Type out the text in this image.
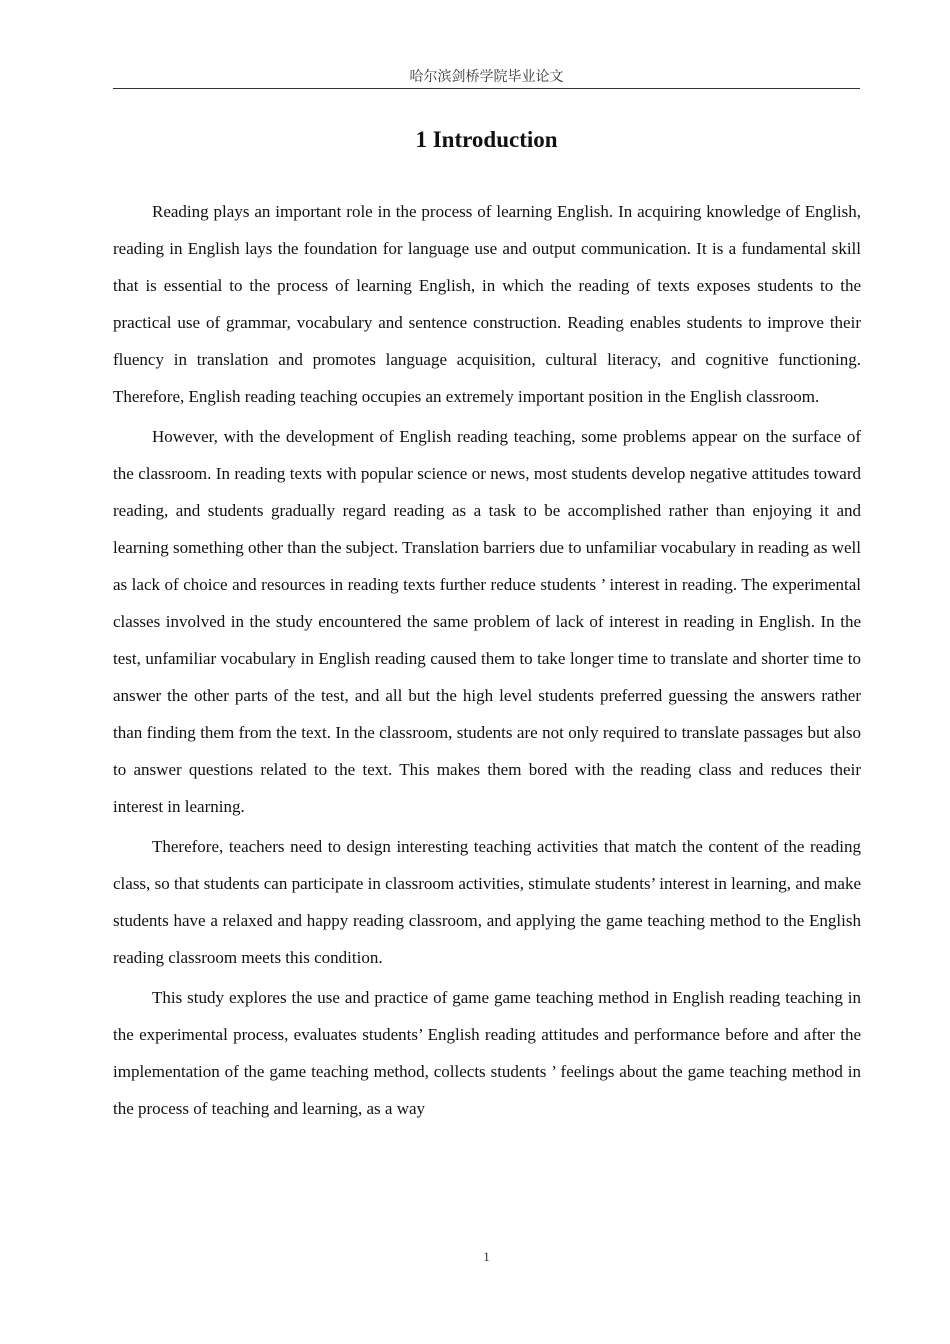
哈尔滨剑桥学院毕业论文
1 Introduction

Reading plays an important role in the process of learning English. In acquiring knowledge of English, reading in English lays the foundation for language use and output communication. It is a fundamental skill that is essential to the process of learning English, in which the reading of texts exposes students to the practical use of grammar, vocabulary and sentence construction. Reading enables students to improve their fluency in translation and promotes language acquisition, cultural literacy, and cognitive functioning. Therefore, English reading teaching occupies an extremely important position in the English classroom.

However, with the development of English reading teaching, some problems appear on the surface of the classroom. In reading texts with popular science or news, most students develop negative attitudes toward reading, and students gradually regard reading as a task to be accomplished rather than enjoying it and learning something other than the subject. Translation barriers due to unfamiliar vocabulary in reading as well as lack of choice and resources in reading texts further reduce students ’ interest in reading. The experimental classes involved in the study encountered the same problem of lack of interest in reading in English. In the test, unfamiliar vocabulary in English reading caused them to take longer time to translate and shorter time to answer the other parts of the test, and all but the high level students preferred guessing the answers rather than finding them from the text. In the classroom, students are not only required to translate passages but also to answer questions related to the text. This makes them bored with the reading class and reduces their interest in learning.

Therefore, teachers need to design interesting teaching activities that match the content of the reading class, so that students can participate in classroom activities, stimulate students’ interest in learning, and make students have a relaxed and happy reading classroom, and applying the game teaching method to the English reading classroom meets this condition.

This study explores the use and practice of game game teaching method in English reading teaching in the experimental process, evaluates students’ English reading attitudes and performance before and after the implementation of the game teaching method, collects students ’ feelings about the game teaching method in the process of teaching and learning, as a way

1
